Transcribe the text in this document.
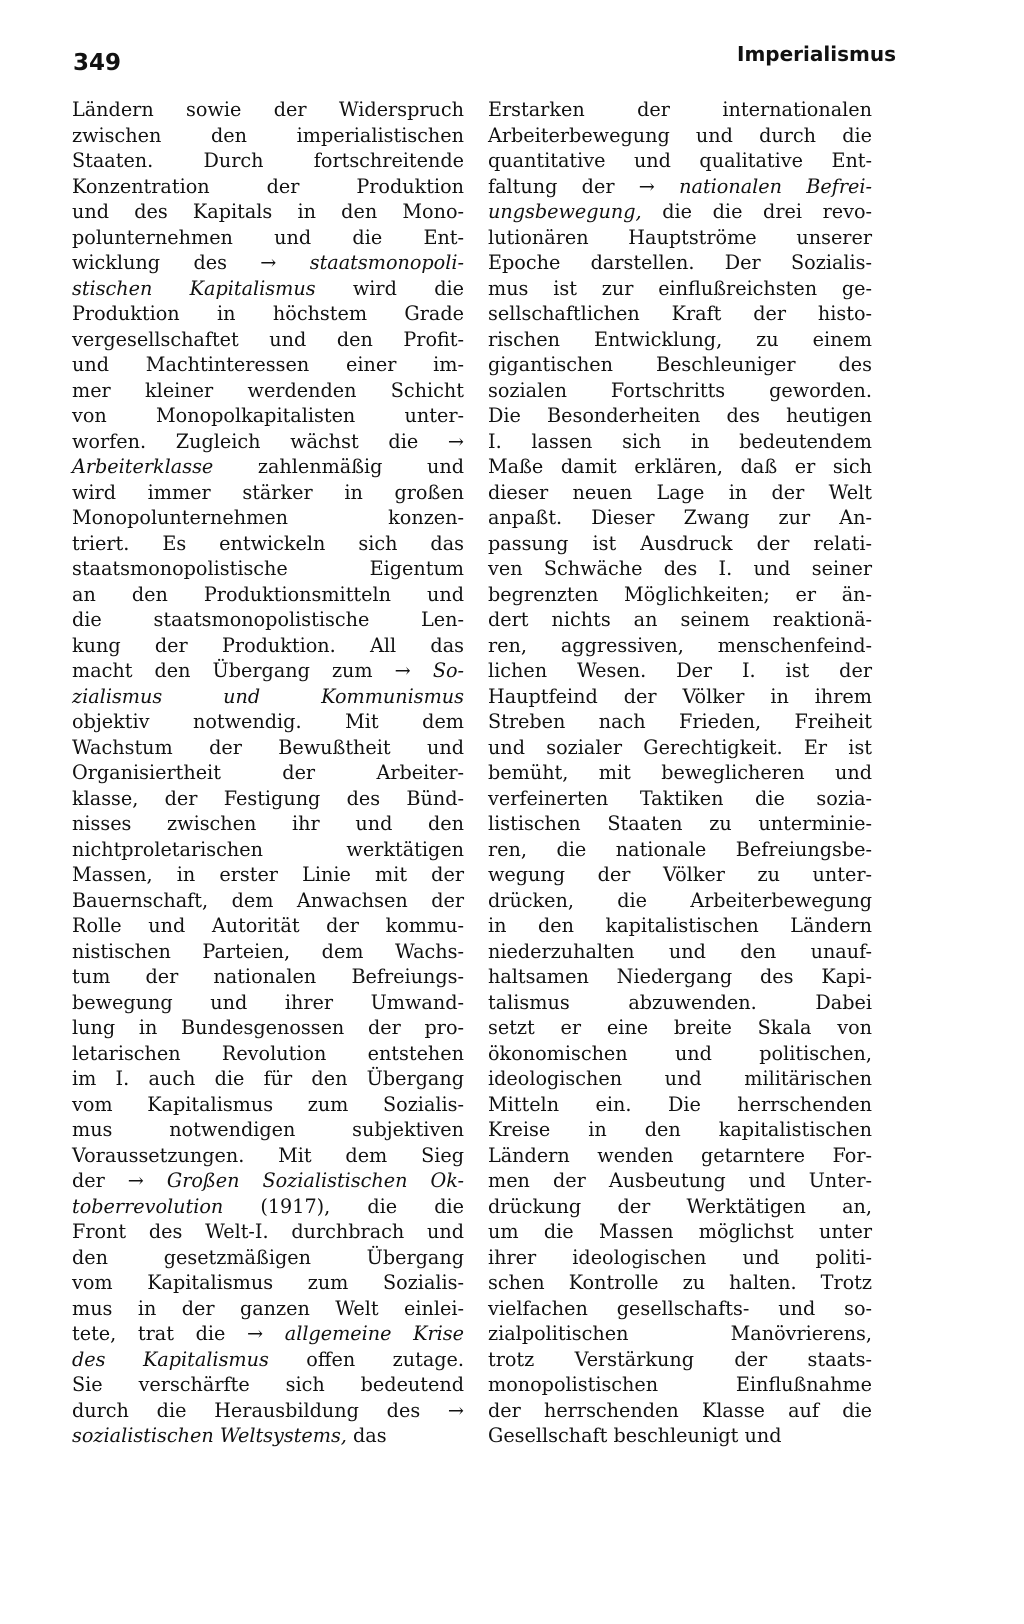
349	Imperialismus
Ländern sowie der Widerspruch
zwischen den imperialistischen
Staaten. Durch fortschreitende
Konzentration der Produktion
und des Kapitals in den Mono-
polunternehmen und die Ent-
wicklung des → staatsmonopoli-
stischen Kapitalismus wird die
Produktion in höchstem Grade
vergesellschaftet und den Profit-
und Machtinteressen einer im-
mer kleiner werdenden Schicht
von Monopolkapitalisten unter-
worfen. Zugleich wächst die →
Arbeiterklasse zahlenmäßig und
wird immer stärker in großen
Monopolunternehmen konzen-
triert. Es entwickeln sich das
staatsmonopolistische Eigentum
an den Produktionsmitteln und
die staatsmonopolistische Len-
kung der Produktion. All das
macht den Übergang zum → So-
zialismus und Kommunismus
objektiv notwendig. Mit dem
Wachstum der Bewußtheit und
Organisiertheit der Arbeiter-
klasse, der Festigung des Bünd-
nisses zwischen ihr und den
nichtproletarischen werktätigen
Massen, in erster Linie mit der
Bauernschaft, dem Anwachsen der
Rolle und Autorität der kommu-
nistischen Parteien, dem Wachs-
tum der nationalen Befreiungs-
bewegung und ihrer Umwand-
lung in Bundesgenossen der pro-
letarischen Revolution entstehen
im I. auch die für den Übergang
vom Kapitalismus zum Sozialis-
mus notwendigen subjektiven
Voraussetzungen. Mit dem Sieg
der → Großen Sozialistischen Ok-
toberrevolution (1917), die die
Front des Welt-I. durchbrach und
den gesetzmäßigen Übergang
vom Kapitalismus zum Sozialis-
mus in der ganzen Welt einlei-
tete, trat die → allgemeine Krise
des Kapitalismus offen zutage.
Sie verschärfte sich bedeutend
durch die Herausbildung des →
sozialistischen Weltsystems, das
Erstarken der internationalen
Arbeiterbewegung und durch die
quantitative und qualitative Ent-
faltung der → nationalen Befrei-
ungsbewegung, die die drei revo-
lutionären Hauptströme unserer
Epoche darstellen. Der Sozialis-
mus ist zur einflußreichsten ge-
sellschaftlichen Kraft der histo-
rischen Entwicklung, zu einem
gigantischen Beschleuniger des
sozialen Fortschritts geworden.
Die Besonderheiten des heutigen
I. lassen sich in bedeutendem
Maße damit erklären, daß er sich
dieser neuen Lage in der Welt
anpaßt. Dieser Zwang zur An-
passung ist Ausdruck der relati-
ven Schwäche des I. und seiner
begrenzten Möglichkeiten; er än-
dert nichts an seinem reaktionä-
ren, aggressiven, menschenfeind-
lichen Wesen. Der I. ist der
Hauptfeind der Völker in ihrem
Streben nach Frieden, Freiheit
und sozialer Gerechtigkeit. Er ist
bemüht, mit beweglicheren und
verfeinerten Taktiken die sozia-
listischen Staaten zu unterminie-
ren, die nationale Befreiungsbe-
wegung der Völker zu unter-
drücken, die Arbeiterbewegung
in den kapitalistischen Ländern
niederzuhalten und den unauf-
haltsamen Niedergang des Kapi-
talismus abzuwenden. Dabei
setzt er eine breite Skala von
ökonomischen und politischen,
ideologischen und militärischen
Mitteln ein. Die herrschenden
Kreise in den kapitalistischen
Ländern wenden getarntere For-
men der Ausbeutung und Unter-
drückung der Werktätigen an,
um die Massen möglichst unter
ihrer ideologischen und politi-
schen Kontrolle zu halten. Trotz
vielfachen gesellschafts- und so-
zialpolitischen Manövrierens,
trotz Verstärkung der staats-
monopolistischen Einflußnahme
der herrschenden Klasse auf die
Gesellschaft beschleunigt und
